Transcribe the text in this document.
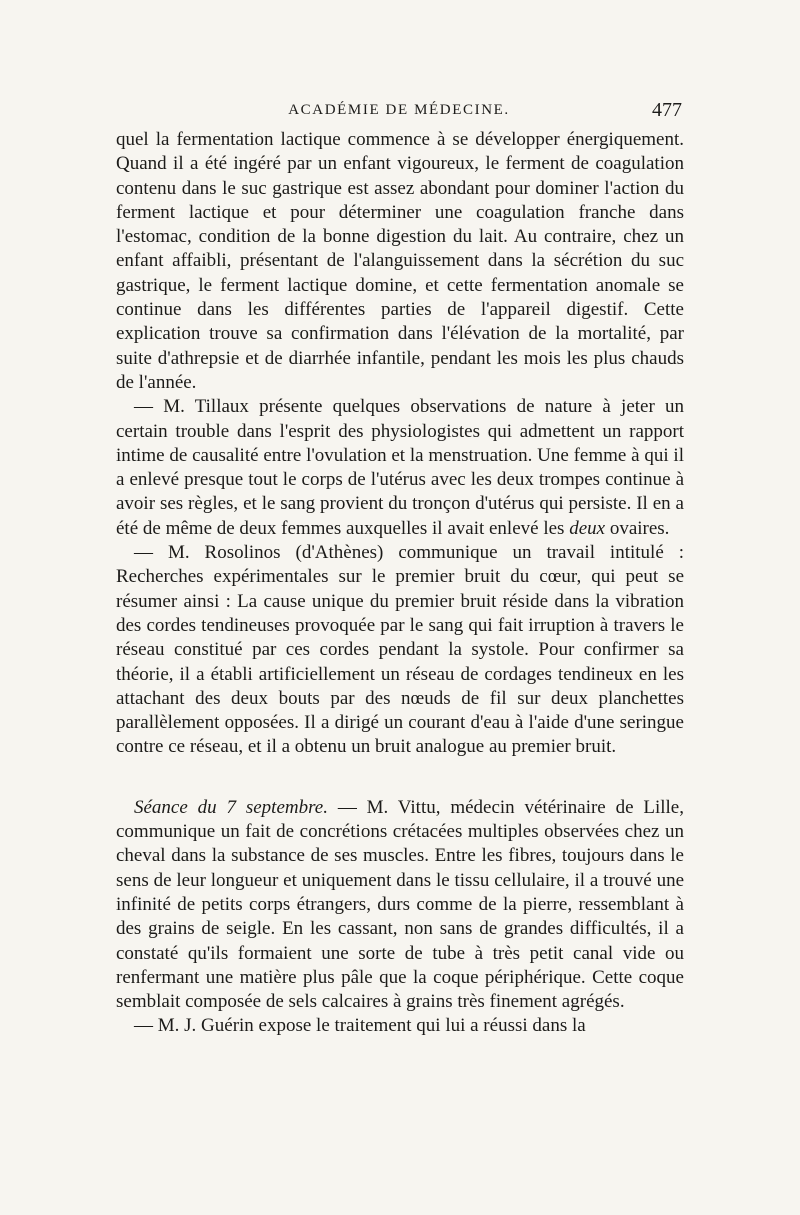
ACADÉMIE DE MÉDECINE.	477

quel la fermentation lactique commence à se développer énergiquement. Quand il a été ingéré par un enfant vigoureux, le ferment de coagulation contenu dans le suc gastrique est assez abondant pour dominer l'action du ferment lactique et pour déterminer une coagulation franche dans l'estomac, condition de la bonne digestion du lait. Au contraire, chez un enfant affaibli, présentant de l'alanguissement dans la sécrétion du suc gastrique, le ferment lactique domine, et cette fermentation anomale se continue dans les différentes parties de l'appareil digestif. Cette explication trouve sa confirmation dans l'élévation de la mortalité, par suite d'athrepsie et de diarrhée infantile, pendant les mois les plus chauds de l'année.

— M. Tillaux présente quelques observations de nature à jeter un certain trouble dans l'esprit des physiologistes qui admettent un rapport intime de causalité entre l'ovulation et la menstruation. Une femme à qui il a enlevé presque tout le corps de l'utérus avec les deux trompes continue à avoir ses règles, et le sang provient du tronçon d'utérus qui persiste. Il en a été de même de deux femmes auxquelles il avait enlevé les deux ovaires.

— M. Rosolinos (d'Athènes) communique un travail intitulé : Recherches expérimentales sur le premier bruit du cœur, qui peut se résumer ainsi : La cause unique du premier bruit réside dans la vibration des cordes tendineuses provoquée par le sang qui fait irruption à travers le réseau constitué par ces cordes pendant la systole. Pour confirmer sa théorie, il a établi artificiellement un réseau de cordages tendineux en les attachant des deux bouts par des nœuds de fil sur deux planchettes parallèlement opposées. Il a dirigé un courant d'eau à l'aide d'une seringue contre ce réseau, et il a obtenu un bruit analogue au premier bruit.

Séance du 7 septembre. — M. Vittu, médecin vétérinaire de Lille, communique un fait de concrétions crétacées multiples observées chez un cheval dans la substance de ses muscles. Entre les fibres, toujours dans le sens de leur longueur et uniquement dans le tissu cellulaire, il a trouvé une infinité de petits corps étrangers, durs comme de la pierre, ressemblant à des grains de seigle. En les cassant, non sans de grandes difficultés, il a constaté qu'ils formaient une sorte de tube à très petit canal vide ou renfermant une matière plus pâle que la coque périphérique. Cette coque semblait composée de sels calcaires à grains très finement agrégés.

— M. J. Guérin expose le traitement qui lui a réussi dans la
